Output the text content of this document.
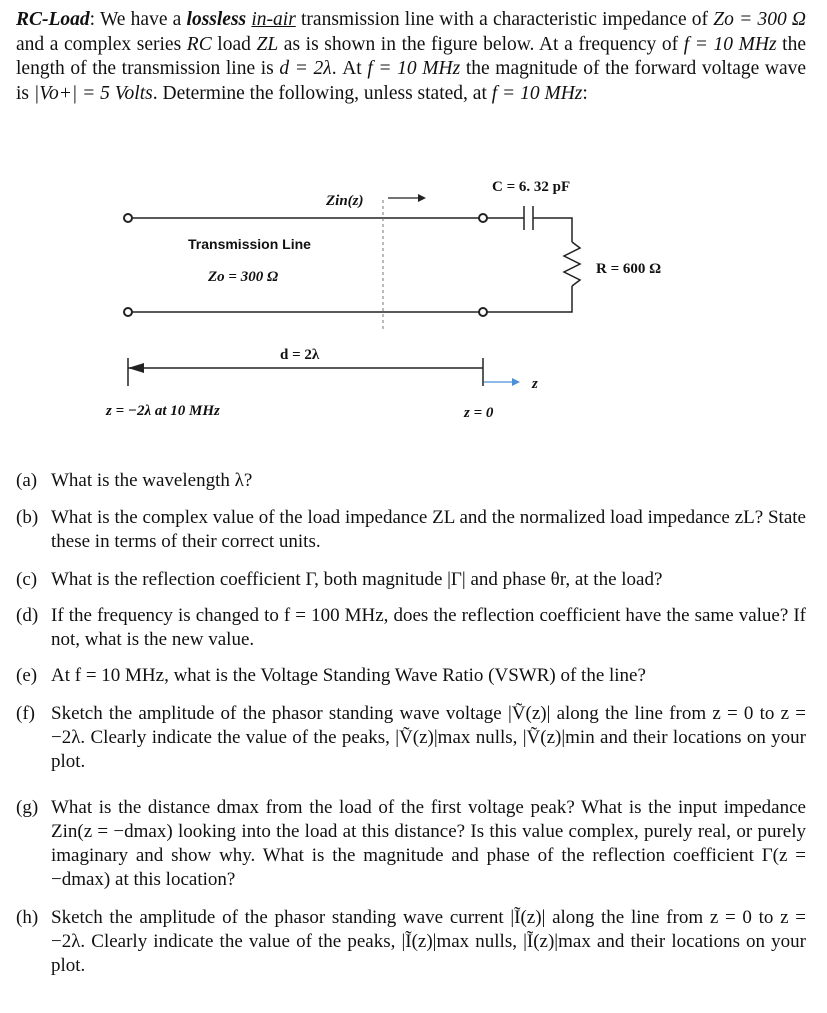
RC-Load: We have a lossless in-air transmission line with a characteristic impedance of Zo = 300 Ω and a complex series RC load ZL as is shown in the figure below. At a frequency of f = 10 MHz the length of the transmission line is d = 2λ. At f = 10 MHz the magnitude of the forward voltage wave is |Vo+| = 5 Volts. Determine the following, unless stated, at f = 10 MHz:
Zin(z)
C = 6. 32 pF
Transmission Line
Zo = 300 Ω	R = 600 Ω
d = 2λ
z
z = −2λ at 10 MHz	z = 0
(a) What is the wavelength λ?
(b) What is the complex value of the load impedance ZL and the normalized load impedance zL? State these in terms of their correct units.
(c) What is the reflection coefficient Γ, both magnitude |Γ| and phase θr, at the load?
(d) If the frequency is changed to f = 100 MHz, does the reflection coefficient have the same value? If not, what is the new value.
(e) At f = 10 MHz, what is the Voltage Standing Wave Ratio (VSWR) of the line?
(f) Sketch the amplitude of the phasor standing wave voltage |Ṽ(z)| along the line from z = 0 to z = −2λ. Clearly indicate the value of the peaks, |Ṽ(z)|max nulls, |Ṽ(z)|min and their locations on your plot.
(g) What is the distance dmax from the load of the first voltage peak? What is the input impedance Zin(z = −dmax) looking into the load at this distance? Is this value complex, purely real, or purely imaginary and show why. What is the magnitude and phase of the reflection coefficient Γ(z = −dmax) at this location?
(h) Sketch the amplitude of the phasor standing wave current |Ĩ(z)| along the line from z = 0 to z = −2λ. Clearly indicate the value of the peaks, |Ĩ(z)|max nulls, |Ĩ(z)|max and their locations on your plot.
